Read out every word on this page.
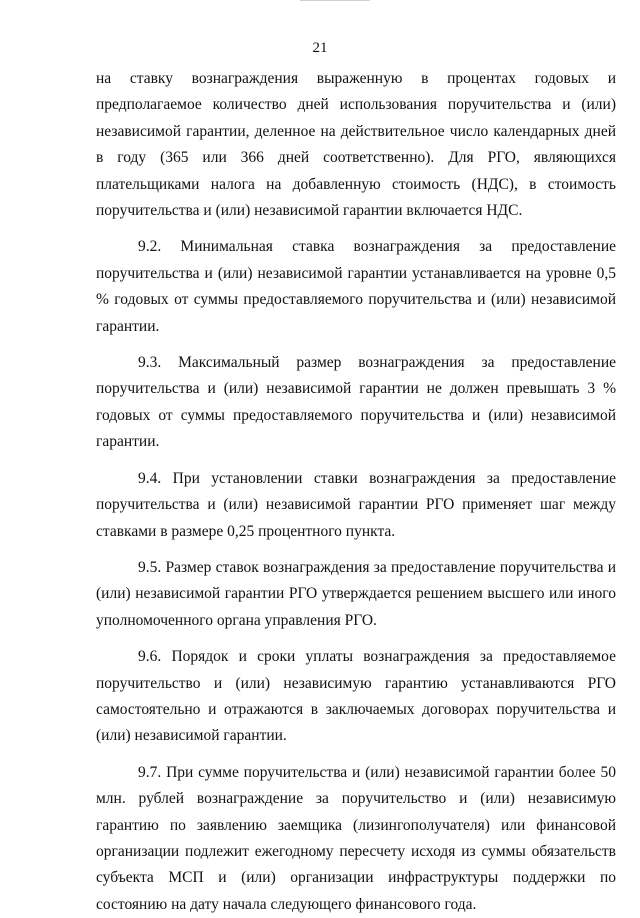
21

на ставку вознаграждения выраженную в процентах годовых и предполагаемое количество дней использования поручительства и (или) независимой гарантии, деленное на действительное число календарных дней в году (365 или 366 дней соответственно). Для РГО, являющихся плательщиками налога на добавленную стоимость (НДС), в стоимость поручительства и (или) независимой гарантии включается НДС.

9.2. Минимальная ставка вознаграждения за предоставление поручительства и (или) независимой гарантии устанавливается на уровне 0,5 % годовых от суммы предоставляемого поручительства и (или) независимой гарантии.

9.3. Максимальный размер вознаграждения за предоставление поручительства и (или) независимой гарантии не должен превышать 3 % годовых от суммы предоставляемого поручительства и (или) независимой гарантии.

9.4. При установлении ставки вознаграждения за предоставление поручительства и (или) независимой гарантии РГО применяет шаг между ставками в размере 0,25 процентного пункта.

9.5. Размер ставок вознаграждения за предоставление поручительства и (или) независимой гарантии РГО утверждается решением высшего или иного уполномоченного органа управления РГО.

9.6. Порядок и сроки уплаты вознаграждения за предоставляемое поручительство и (или) независимую гарантию устанавливаются РГО самостоятельно и отражаются в заключаемых договорах поручительства и (или) независимой гарантии.

9.7. При сумме поручительства и (или) независимой гарантии более 50 млн. рублей вознаграждение за поручительство и (или) независимую гарантию по заявлению заемщика (лизингополучателя) или финансовой организации подлежит ежегодному пересчету исходя из суммы обязательств субъекта МСП и (или) организации инфраструктуры поддержки по состоянию на дату начала следующего финансового года.
